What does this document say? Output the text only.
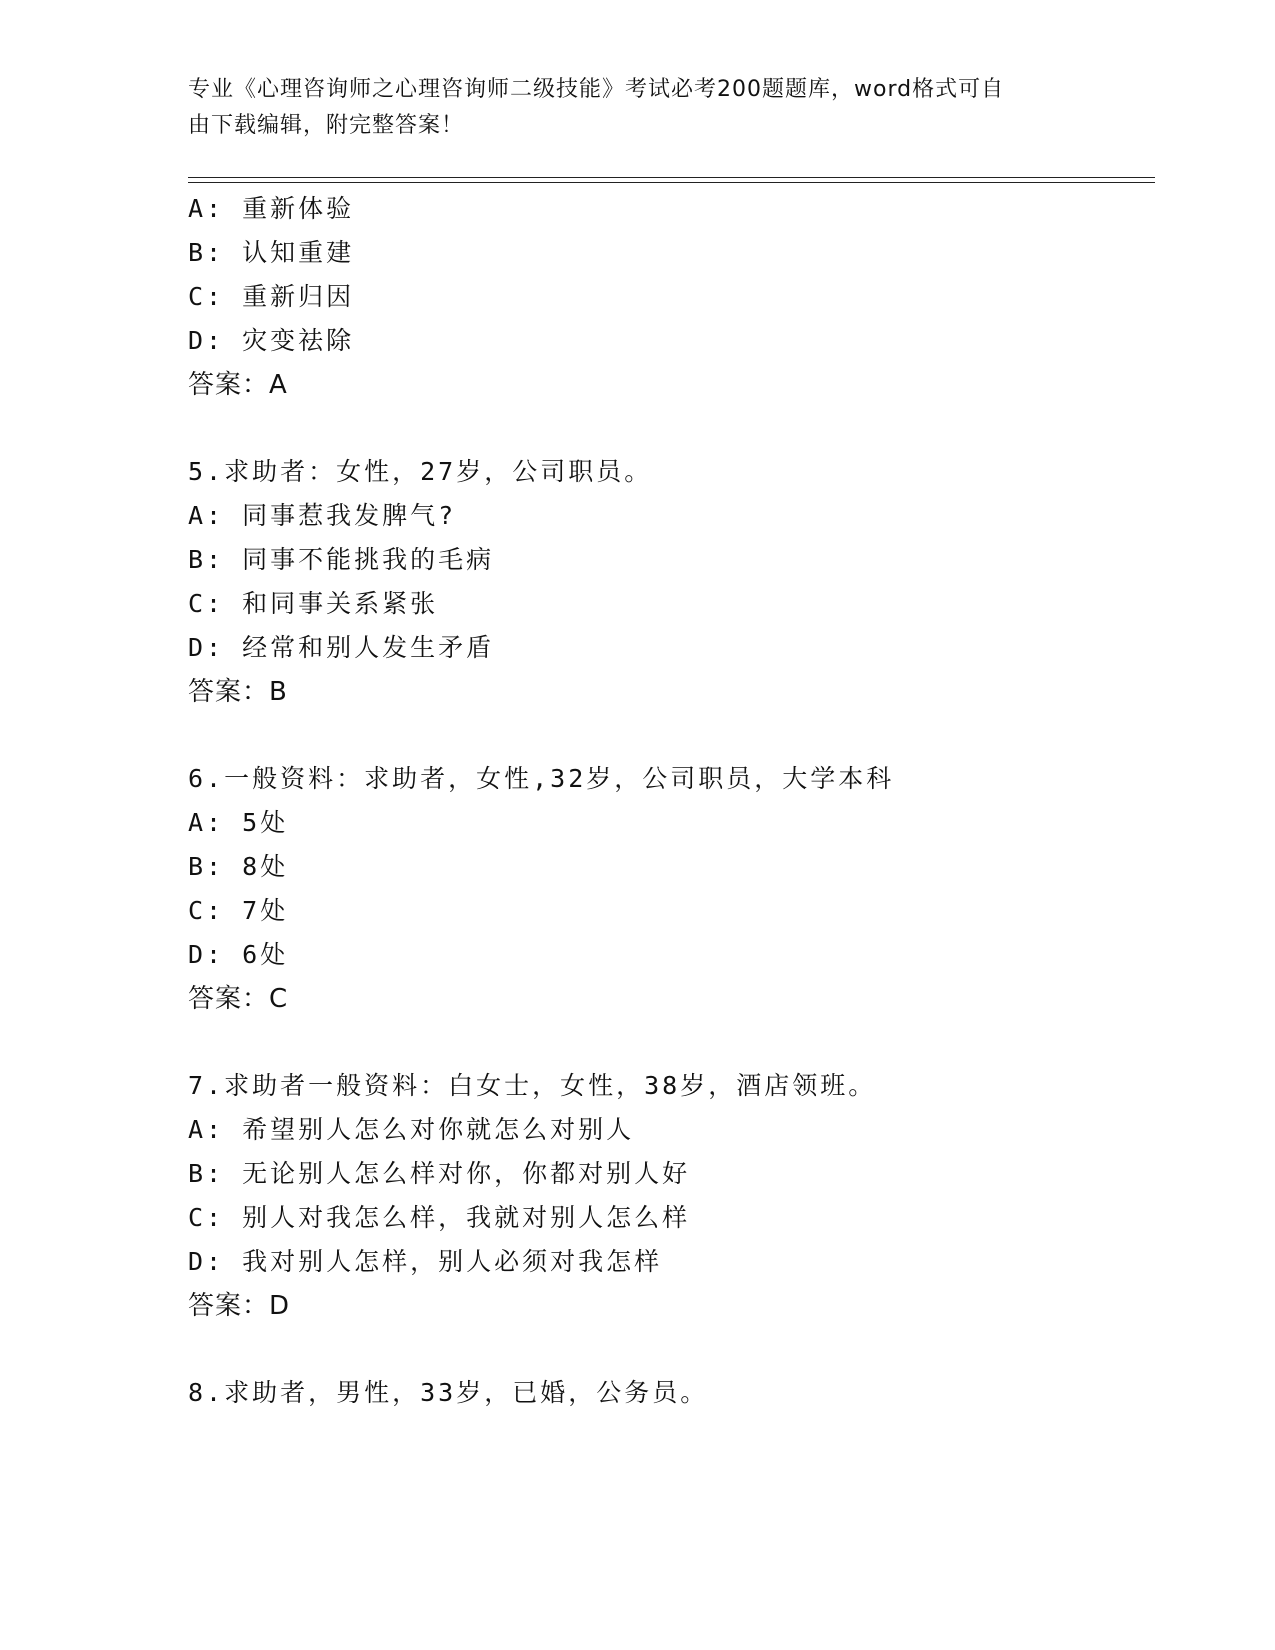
专业《心理咨询师之心理咨询师二级技能》考试必考200题题库，word格式可自
由下载编辑，附完整答案！
A: 重新体验
B: 认知重建
C: 重新归因
D: 灾变祛除
答案：A
5.求助者：女性，27岁，公司职员。
A: 同事惹我发脾气?
B: 同事不能挑我的毛病
C: 和同事关系紧张
D: 经常和别人发生矛盾
答案：B
6.一般资料：求助者，女性,32岁，公司职员，大学本科
A: 5处
B: 8处
C: 7处
D: 6处
答案：C
7.求助者一般资料：白女士，女性，38岁，酒店领班。
A: 希望别人怎么对你就怎么对别人
B: 无论别人怎么样对你，你都对别人好
C: 别人对我怎么样，我就对别人怎么样
D: 我对别人怎样，别人必须对我怎样
答案：D
8.求助者，男性，33岁，已婚，公务员。
